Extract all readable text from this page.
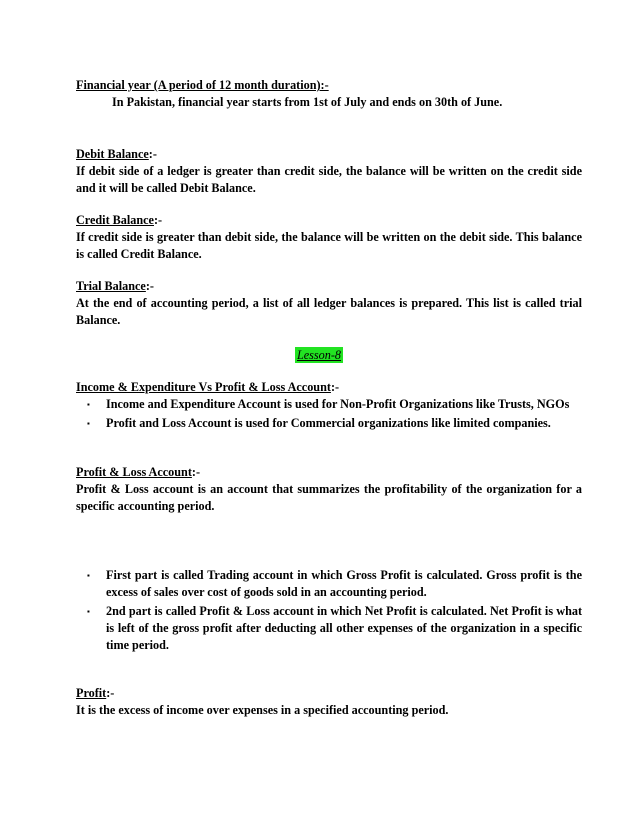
Financial year (A period of 12 month duration):-
In Pakistan, financial year starts from 1st of July and ends on 30th of June.
Debit Balance:-
If debit side of a ledger is greater than credit side, the balance will be written on the credit side and it will be called Debit Balance.
Credit Balance:-
If credit side is greater than debit side, the balance will be written on the debit side. This balance is called Credit Balance.
Trial Balance:-
At the end of accounting period, a list of all ledger balances is prepared. This list is called trial Balance.
Lesson-8
Income & Expenditure Vs Profit & Loss Account:-
▪ Income and Expenditure Account is used for Non-Profit Organizations like Trusts, NGOs
▪ Profit and Loss Account is used for Commercial organizations like limited companies.
Profit & Loss Account:-
Profit & Loss account is an account that summarizes the profitability of the organization for a specific accounting period.
▪ First part is called Trading account in which Gross Profit is calculated. Gross profit is the excess of sales over cost of goods sold in an accounting period.
▪ 2nd part is called Profit & Loss account in which Net Profit is calculated. Net Profit is what is left of the gross profit after deducting all other expenses of the organization in a specific time period.
Profit:-
It is the excess of income over expenses in a specified accounting period.
